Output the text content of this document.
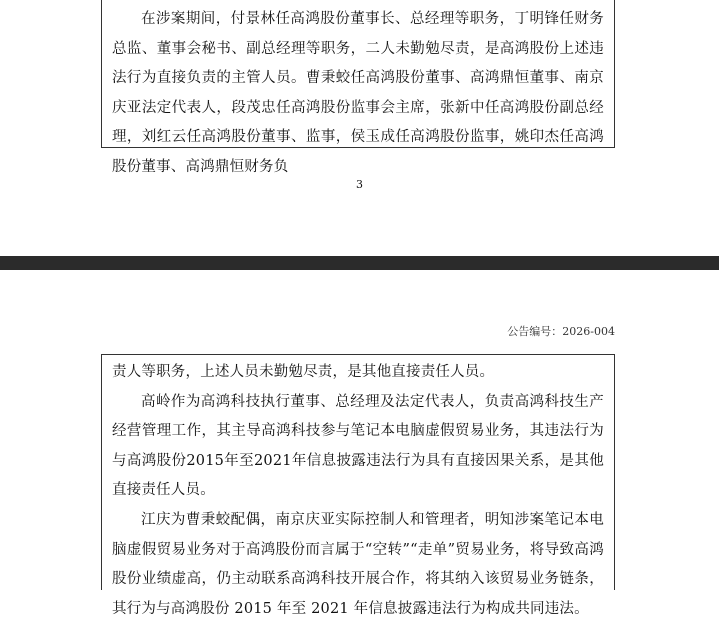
在涉案期间，付景林任高鸿股份董事长、总经理等职务，丁明锋任财务总监、董事会秘书、副总经理等职务，二人未勤勉尽责，是高鸿股份上述违法行为直接负责的主管人员。曹秉蛟任高鸿股份董事、高鸿鼎恒董事、南京庆亚法定代表人，段茂忠任高鸿股份监事会主席，张新中任高鸿股份副总经理，刘红云任高鸿股份董事、监事，侯玉成任高鸿股份监事，姚印杰任高鸿股份董事、高鸿鼎恒财务负

3
公告编号：2026-004

责人等职务，上述人员未勤勉尽责，是其他直接责任人员。

高岭作为高鸿科技执行董事、总经理及法定代表人，负责高鸿科技生产经营管理工作，其主导高鸿科技参与笔记本电脑虚假贸易业务，其违法行为与高鸿股份2015年至2021年信息披露违法行为具有直接因果关系，是其他直接责任人员。

江庆为曹秉蛟配偶，南京庆亚实际控制人和管理者，明知涉案笔记本电脑虚假贸易业务对于高鸿股份而言属于“空转”“走单”贸易业务，将导致高鸿股份业绩虚高，仍主动联系高鸿科技开展合作，将其纳入该贸易业务链条，其行为与高鸿股份 2015 年至 2021 年信息披露违法行为构成共同违法。
